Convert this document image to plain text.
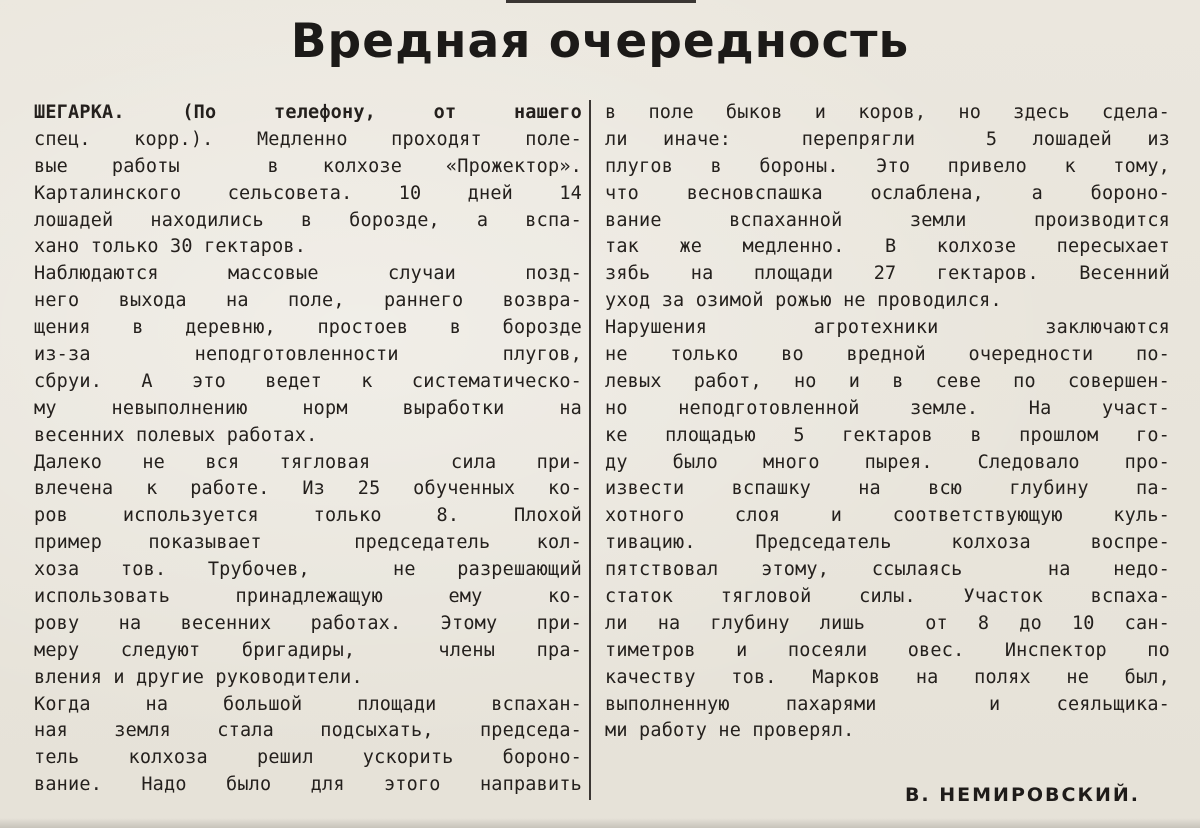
Вредная очередность
ШЕГАРКА. (По телефону, от нашего
спец. корр.). Медленно проходят поле-
вые работы  в колхозе «Прожектор».
Карталинского сельсовета. 10 дней 14
лошадей находились в борозде, а вспа-
хано только 30 гектаров.
Наблюдаются массовые случаи позд-
него выхода на поле, раннего возвра-
щения в деревню, простоев в борозде
из-за  неподготовленности  плугов,
сбруи. А это ведет к систематическо-
му невыполнению норм выработки на
весенних полевых работах.
Далеко не вся тягловая  сила при-
влечена к работе. Из 25 обученных ко-
ров используется только 8. Плохой
пример показывает  председатель кол-
хоза тов. Трубочев,  не разрешающий
использовать принадлежащую ему ко-
рову на весенних работах. Этому при-
меру следуют бригадиры,  члены пра-
вления и другие руководители.
Когда на большой площади вспахан-
ная земля стала подсыхать, председа-
тель колхоза решил ускорить бороно-
вание. Надо было для этого направить
в поле быков и коров, но здесь сдела-
ли иначе:  перепрягли  5 лошадей из
плугов в бороны. Это привело к тому,
что весновспашка ослаблена, а бороно-
вание вспаханной земли производится
так же медленно. В колхозе пересыхает
зябь на площади 27 гектаров. Весенний
уход за озимой рожью не проводился.
Нарушения агротехники заключаются
не только во вредной очередности по-
левых работ, но и в севе по совершен-
но неподготовленной земле. На участ-
ке площадью 5 гектаров в прошлом го-
ду было много пырея. Следовало про-
извести вспашку на всю глубину па-
хотного слоя и соответствующую куль-
тивацию. Председатель колхоза воспре-
пятствовал этому, ссылаясь  на недо-
статок тягловой силы. Участок вспаха-
ли на глубину лишь  от 8 до 10 сан-
тиметров и посеяли овес. Инспектор по
качеству тов. Марков на полях не был,
выполненную пахарями  и сеяльщика-
ми работу не проверял.
В. НЕМИРОВСКИЙ.
